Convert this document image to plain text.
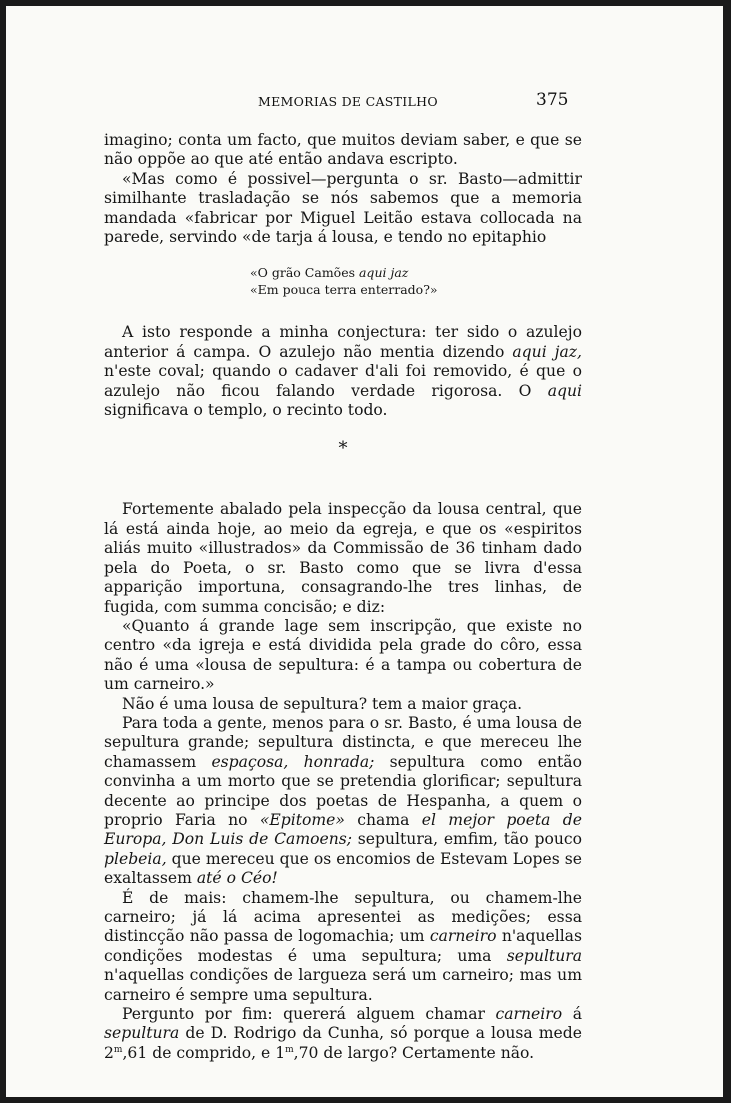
MEMORIAS DE CASTILHO	375

imagino; conta um facto, que muitos deviam saber, e que se não oppõe ao que até então andava escripto.

«Mas como é possivel—pergunta o sr. Basto—admittir similhante trasladação se nós sabemos que a memoria mandada «fabricar por Miguel Leitão estava collocada na parede, servindo «de tarja á lousa, e tendo no epitaphio

«O grão Camões aqui jaz
«Em pouca terra enterrado?»

A isto responde a minha conjectura: ter sido o azulejo anterior á campa. O azulejo não mentia dizendo aqui jaz, n'este coval; quando o cadaver d'ali foi removido, é que o azulejo não ficou falando verdade rigorosa. O aqui significava o templo, o recinto todo.

*

Fortemente abalado pela inspecção da lousa central, que lá está ainda hoje, ao meio da egreja, e que os «espiritos aliás muito «illustrados» da Commissão de 36 tinham dado pela do Poeta, o sr. Basto como que se livra d'essa apparição importuna, consagrando-lhe tres linhas, de fugida, com summa concisão; e diz:

«Quanto á grande lage sem inscripção, que existe no centro «da igreja e está dividida pela grade do côro, essa não é uma «lousa de sepultura: é a tampa ou cobertura de um carneiro.»

Não é uma lousa de sepultura? tem a maior graça.

Para toda a gente, menos para o sr. Basto, é uma lousa de sepultura grande; sepultura distincta, e que mereceu lhe chamassem espaçosa, honrada; sepultura como então convinha a um morto que se pretendia glorificar; sepultura decente ao principe dos poetas de Hespanha, a quem o proprio Faria no «Epitome» chama el mejor poeta de Europa, Don Luis de Camoens; sepultura, emfim, tão pouco plebeia, que mereceu que os encomios de Estevam Lopes se exaltassem até o Céo!

É de mais: chamem-lhe sepultura, ou chamem-lhe carneiro; já lá acima apresentei as medições; essa distincção não passa de logomachia; um carneiro n'aquellas condições modestas é uma sepultura; uma sepultura n'aquellas condições de largueza será um carneiro; mas um carneiro é sempre uma sepultura.

Pergunto por fim: quererá alguem chamar carneiro á sepultura de D. Rodrigo da Cunha, só porque a lousa mede 2$^m$,61 de comprido, e 1$^m$,70 de largo? Certamente não.
